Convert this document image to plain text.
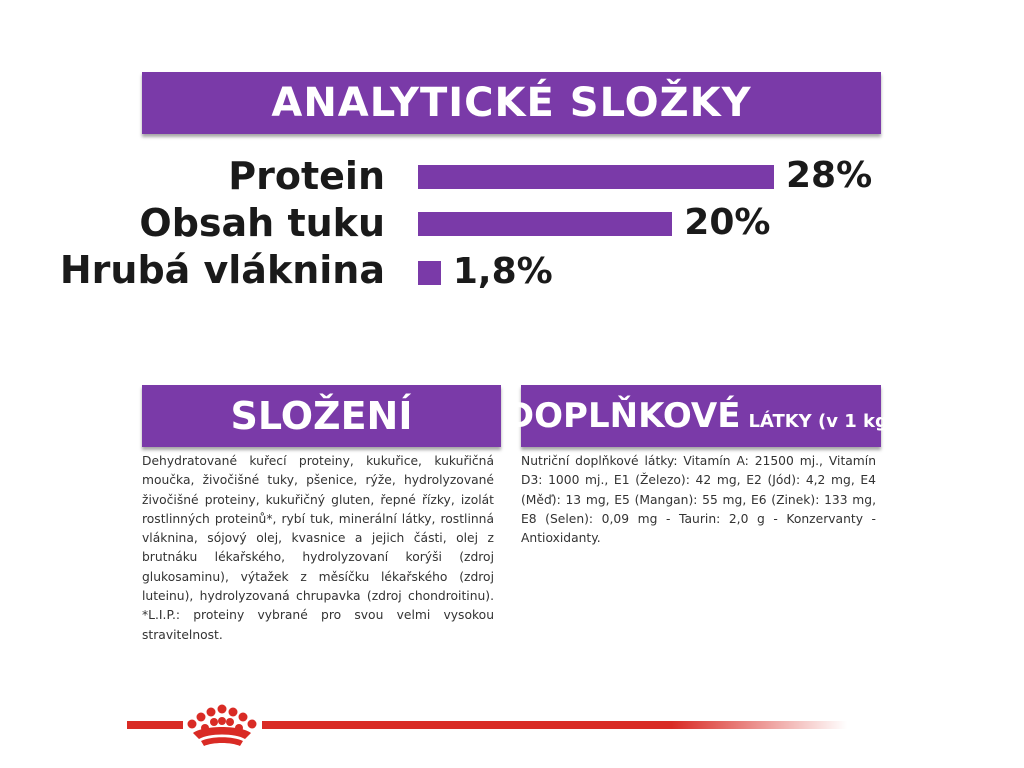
ANALYTICKÉ SLOŽKY
Protein	28%
Obsah tuku	20%
Hrubá vláknina 1,8%
SLOŽENÍ
Dehydratované kuřecí proteiny, kukuřice, kukuřičná moučka, živočišné tuky, pšenice, rýže, hydrolyzované živočišné proteiny, kukuřičný gluten, řepné řízky, izolát rostlinných proteinů*, rybí tuk, minerální látky, rostlinná vláknina, sójový olej, kvasnice a jejich části, olej z brutnáku lékařského, hydrolyzovaní korýši (zdroj glukosaminu), výtažek z měsíčku lékařského (zdroj luteinu), hydrolyzovaná chrupavka (zdroj chondroitinu). *L.I.P.: proteiny vybrané pro svou velmi vysokou stravitelnost.
DOPLŇKOVÉ LÁTKY (v 1 kg)
Nutriční doplňkové látky: Vitamín A: 21500 mj., Vitamín D3: 1000 mj., E1 (Železo): 42 mg, E2 (Jód): 4,2 mg, E4 (Měď): 13 mg, E5 (Mangan): 55 mg, E6 (Zinek): 133 mg, E8 (Selen): 0,09 mg - Taurin: 2,0 g - Konzervanty - Antioxidanty.
